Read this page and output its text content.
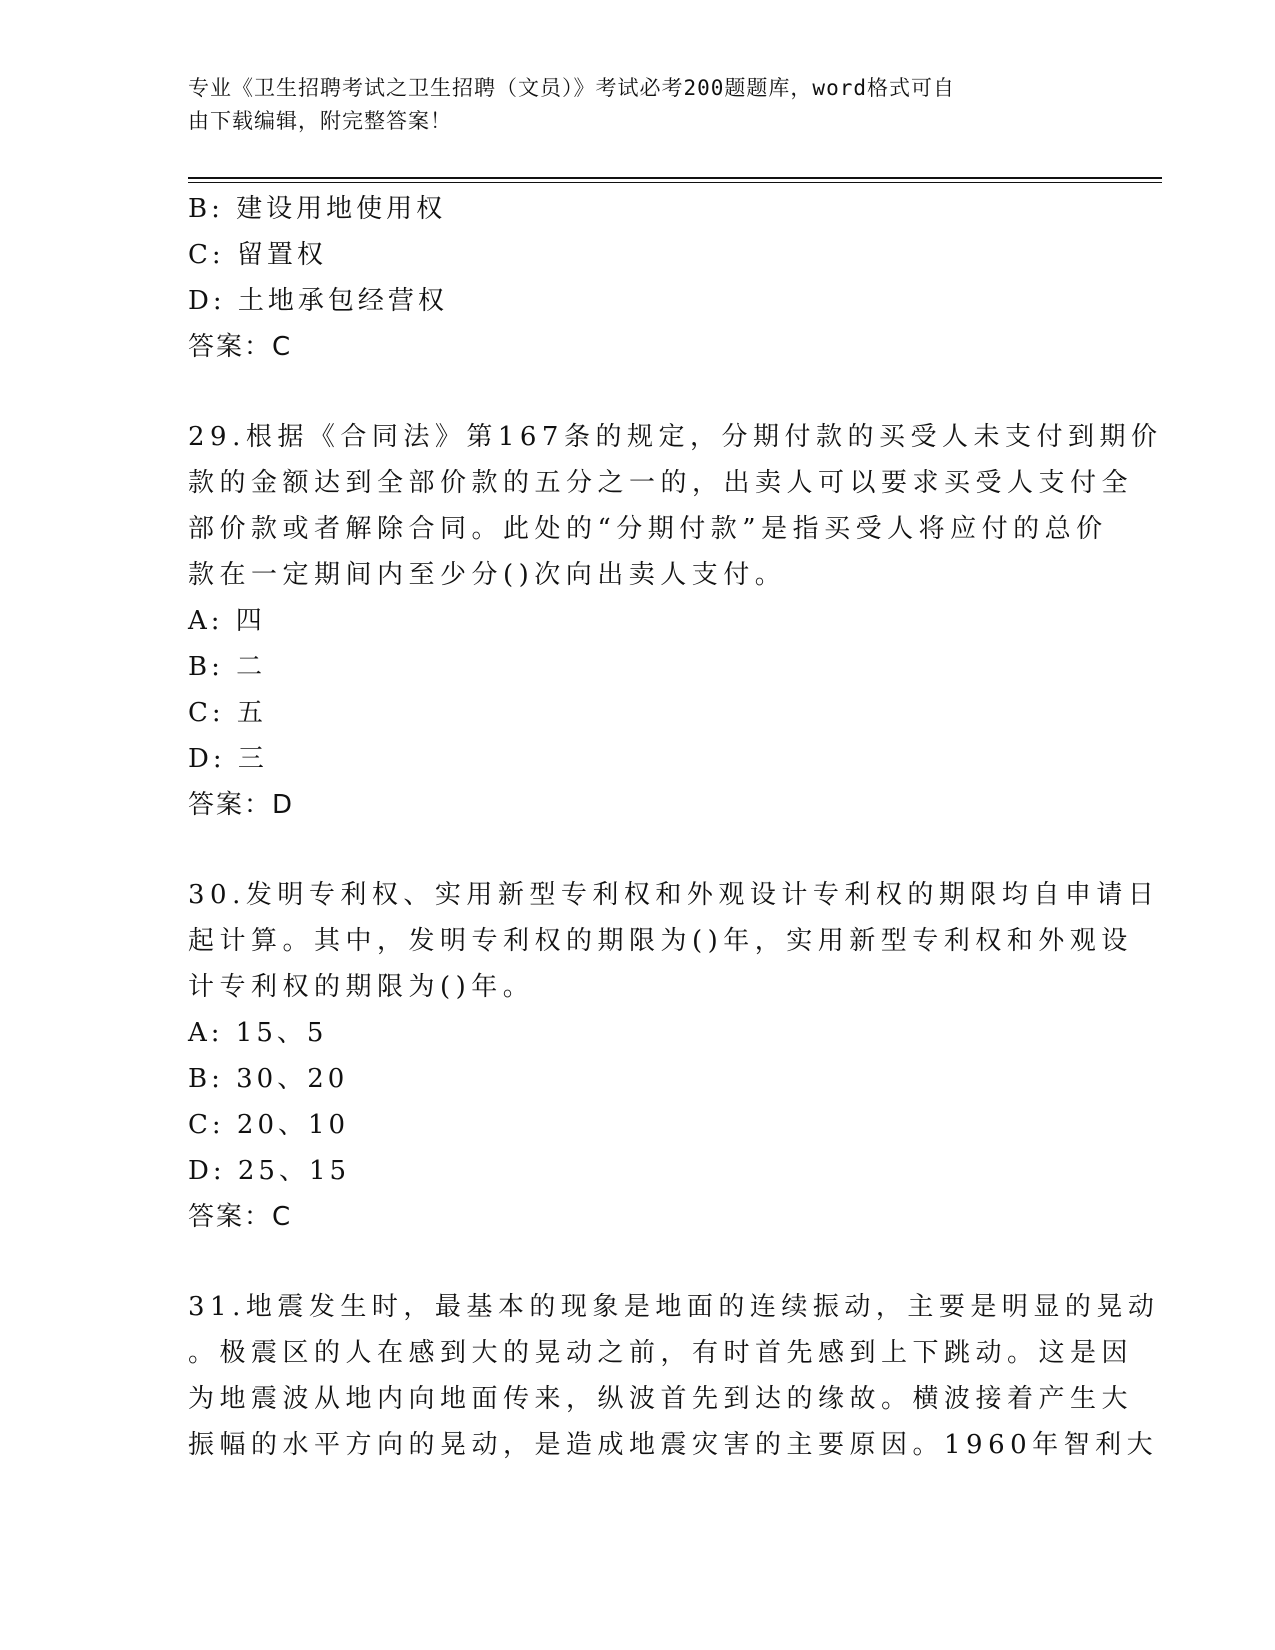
专业《卫生招聘考试之卫生招聘（文员）》考试必考200题题库，word格式可自
由下载编辑，附完整答案！
B: 建设用地使用权
C: 留置权
D: 土地承包经营权
答案：C
29.根据《合同法》第167条的规定，分期付款的买受人未支付到期价
款的金额达到全部价款的五分之一的，出卖人可以要求买受人支付全
部价款或者解除合同。此处的“分期付款”是指买受人将应付的总价
款在一定期间内至少分()次向出卖人支付。
A: 四
B: 二
C: 五
D: 三
答案：D
30.发明专利权、实用新型专利权和外观设计专利权的期限均自申请日
起计算。其中，发明专利权的期限为()年，实用新型专利权和外观设
计专利权的期限为()年。
A: 15、5
B: 30、20
C: 20、10
D: 25、15
答案：C
31.地震发生时，最基本的现象是地面的连续振动，主要是明显的晃动
。极震区的人在感到大的晃动之前，有时首先感到上下跳动。这是因
为地震波从地内向地面传来，纵波首先到达的缘故。横波接着产生大
振幅的水平方向的晃动，是造成地震灾害的主要原因。1960年智利大
